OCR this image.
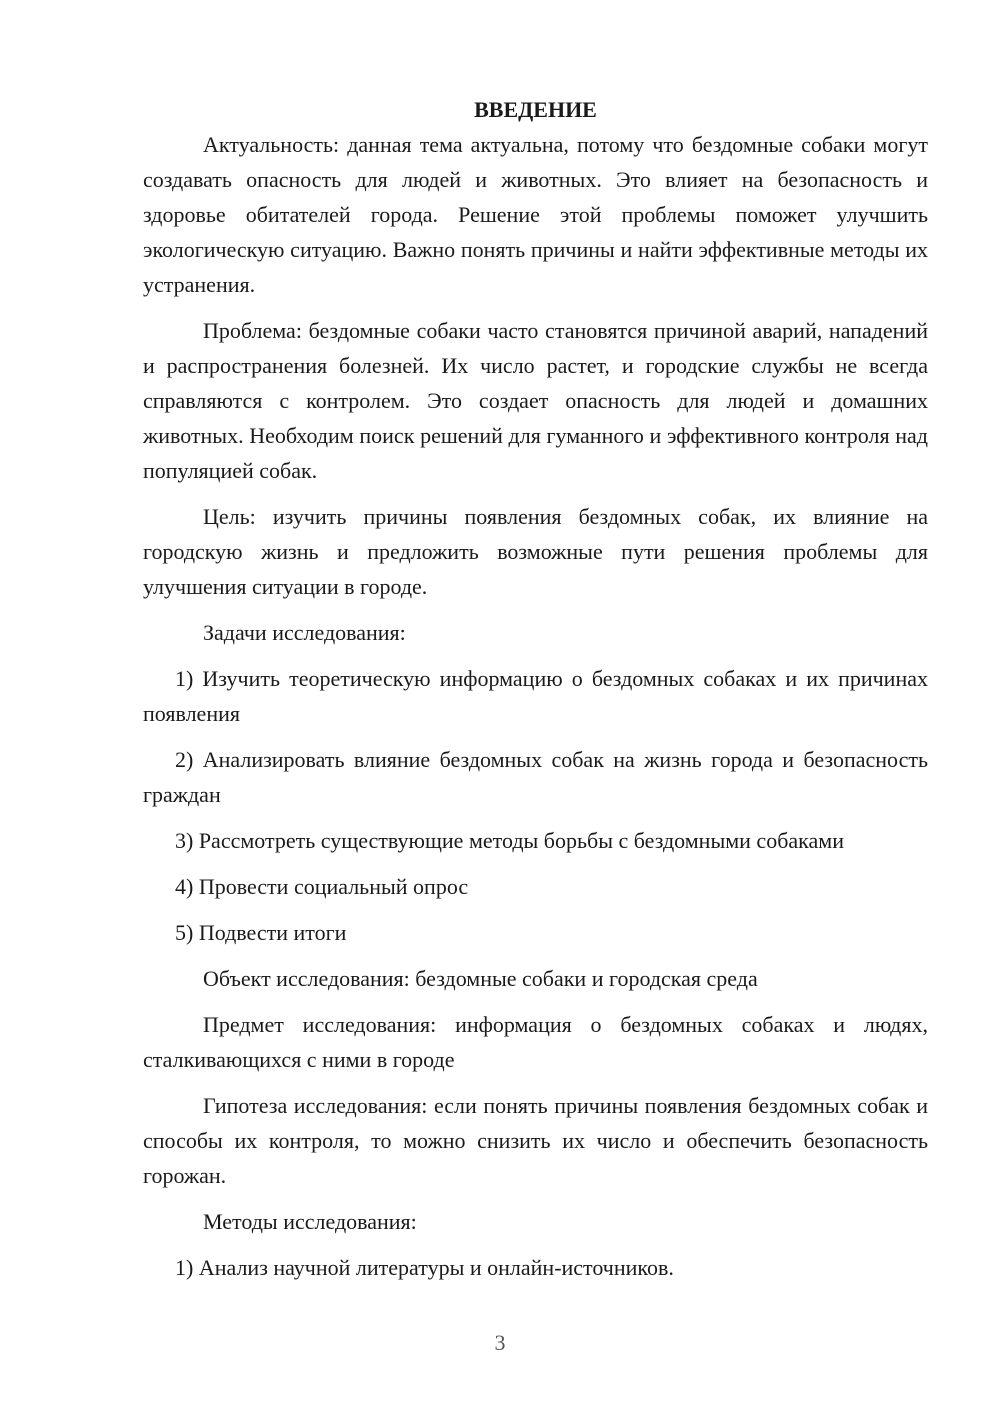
ВВЕДЕНИЕ

Актуальность: данная тема актуальна, потому что бездомные собаки могут создавать опасность для людей и животных. Это влияет на безопасность и здоровье обитателей города. Решение этой проблемы поможет улучшить экологическую ситуацию. Важно понять причины и найти эффективные методы их устранения.

Проблема: бездомные собаки часто становятся причиной аварий, нападений и распространения болезней. Их число растет, и городские службы не всегда справляются с контролем. Это создает опасность для людей и домашних животных. Необходим поиск решений для гуманного и эффективного контроля над популяцией собак.

Цель: изучить причины появления бездомных собак, их влияние на городскую жизнь и предложить возможные пути решения проблемы для улучшения ситуации в городе.

Задачи исследования:

1) Изучить теоретическую информацию о бездомных собаках и их причинах появления

2) Анализировать влияние бездомных собак на жизнь города и безопасность граждан

3) Рассмотреть существующие методы борьбы с бездомными собаками

4) Провести социальный опрос

5) Подвести итоги

Объект исследования: бездомные собаки и городская среда

Предмет исследования: информация о бездомных собаках и людях, сталкивающихся с ними в городе

Гипотеза исследования: если понять причины появления бездомных собак и способы их контроля, то можно снизить их число и обеспечить безопасность горожан.

Методы исследования:

1) Анализ научной литературы и онлайн-источников.

3
